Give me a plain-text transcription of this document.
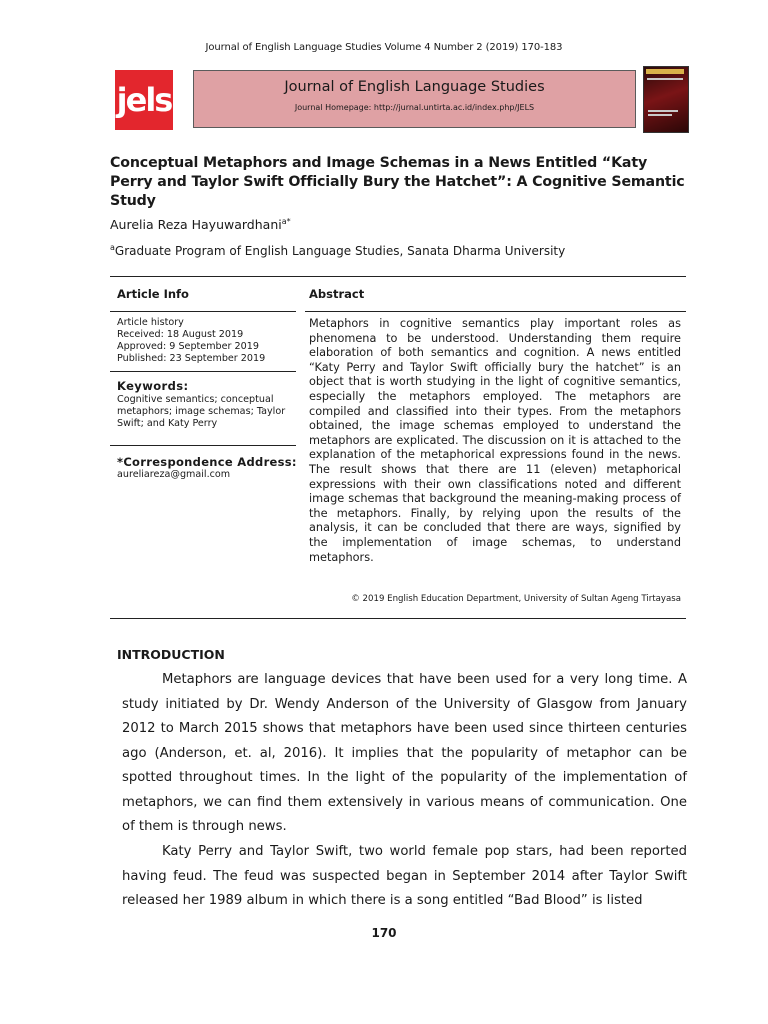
Journal of English Language Studies Volume 4 Number 2 (2019) 170-183
jels	Journal of English Language Studies
Journal Homepage: http://jurnal.untirta.ac.id/index.php/JELS
Conceptual Metaphors and Image Schemas in a News Entitled “Katy Perry and Taylor Swift Officially Bury the Hatchet”: A Cognitive Semantic Study
Aurelia Reza Hayuwardhani$^{a*}$
$^a$Graduate Program of English Language Studies, Sanata Dharma University
Article Info	Abstract
Article history
Received: 18 August 2019
Approved: 9 September 2019
Published: 23 September 2019
Keywords:
Cognitive semantics; conceptual metaphors; image schemas; Taylor Swift; and Katy Perry
*Correspondence Address:
aureliareza@gmail.com
Metaphors in cognitive semantics play important roles as phenomena to be understood. Understanding them require elaboration of both semantics and cognition. A news entitled “Katy Perry and Taylor Swift officially bury the hatchet” is an object that is worth studying in the light of cognitive semantics, especially the metaphors employed. The metaphors are compiled and classified into their types. From the metaphors obtained, the image schemas employed to understand the metaphors are explicated. The discussion on it is attached to the explanation of the metaphorical expressions found in the news. The result shows that there are 11 (eleven) metaphorical expressions with their own classifications noted and different image schemas that background the meaning-making process of the metaphors. Finally, by relying upon the results of the analysis, it can be concluded that there are ways, signified by the implementation of image schemas, to understand metaphors.
© 2019 English Education Department, University of Sultan Ageng Tirtayasa
INTRODUCTION
Metaphors are language devices that have been used for a very long time. A study initiated by Dr. Wendy Anderson of the University of Glasgow from January 2012 to March 2015 shows that metaphors have been used since thirteen centuries ago (Anderson, et. al, 2016). It implies that the popularity of metaphor can be spotted throughout times. In the light of the popularity of the implementation of metaphors, we can find them extensively in various means of communication. One of them is through news.
Katy Perry and Taylor Swift, two world female pop stars, had been reported having feud. The feud was suspected began in September 2014 after Taylor Swift released her 1989 album in which there is a song entitled “Bad Blood” is listed
170
